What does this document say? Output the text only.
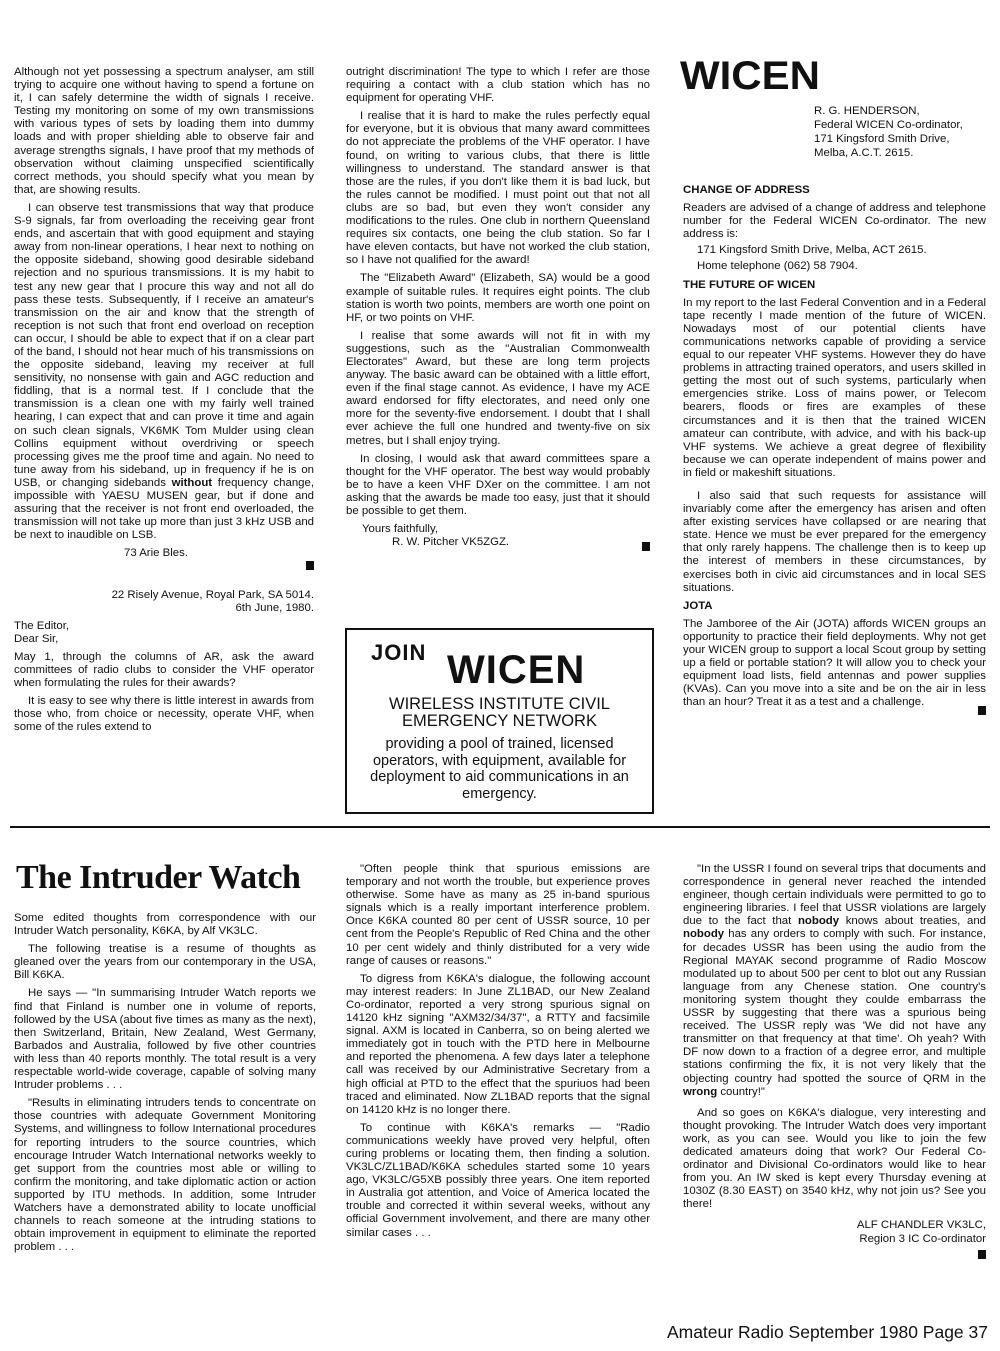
Although not yet possessing a spectrum analyser, am still trying to acquire one without having to spend a fortune on it, I can safely determine the width of signals I receive. Testing my monitoring on some of my own transmissions with various types of sets by loading them into dummy loads and with proper shielding able to observe fair and average strengths signals, I have proof that my methods of observation without claiming unspecified scientifically correct methods, you should specify what you mean by that, are showing results.

I can observe test transmissions that way that produce S-9 signals, far from overloading the receiving gear front ends, and ascertain that with good equipment and staying away from non-linear operations, I hear next to nothing on the opposite sideband, showing good desirable sideband rejection and no spurious transmissions. It is my habit to test any new gear that I procure this way and not all do pass these tests. Subsequently, if I receive an amateur's transmission on the air and know that the strength of reception is not such that front end overload on reception can occur, I should be able to expect that if on a clear part of the band, I should not hear much of his transmissions on the opposite sideband, leaving my receiver at full sensitivity, no nonsense with gain and AGC reduction and fiddling, that is a normal test. If I conclude that the transmission is a clean one with my fairly well trained hearing, I can expect that and can prove it time and again on such clean signals, VK6MK Tom Mulder using clean Collins equipment without overdriving or speech processing gives me the proof time and again. No need to tune away from his sideband, up in frequency if he is on USB, or changing sidebands without frequency change, impossible with YAESU MUSEN gear, but if done and assuring that the receiver is not front end overloaded, the transmission will not take up more than just 3 kHz USB and be next to inaudible on LSB.

73 Arie Bles.

22 Risely Avenue, Royal Park, SA 5014.

6th June, 1980.

The Editor,

Dear Sir,

May 1, through the columns of AR, ask the award committees of radio clubs to consider the VHF operator when formulating the rules for their awards?

It is easy to see why there is little interest in awards from those who, from choice or necessity, operate VHF, when some of the rules extend to

outright discrimination! The type to which I refer are those requiring a contact with a club station which has no equipment for operating VHF.

I realise that it is hard to make the rules perfectly equal for everyone, but it is obvious that many award committees do not appreciate the problems of the VHF operator. I have found, on writing to various clubs, that there is little willingness to understand. The standard answer is that those are the rules, if you don't like them it is bad luck, but the rules cannot be modified. I must point out that not all clubs are so bad, but even they won't consider any modifications to the rules. One club in northern Queensland requires six contacts, one being the club station. So far I have eleven contacts, but have not worked the club station, so I have not qualified for the award!

The "Elizabeth Award" (Elizabeth, SA) would be a good example of suitable rules. It requires eight points. The club station is worth two points, members are worth one point on HF, or two points on VHF.

I realise that some awards will not fit in with my suggestions, such as the "Australian Commonwealth Electorates" Award, but these are long term projects anyway. The basic award can be obtained with a little effort, even if the final stage cannot. As evidence, I have my ACE award endorsed for fifty electorates, and need only one more for the seventy-five endorsement. I doubt that I shall ever achieve the full one hundred and twenty-five on six metres, but I shall enjoy trying.

In closing, I would ask that award committees spare a thought for the VHF operator. The best way would probably be to have a keen VHF DXer on the committee. I am not asking that the awards be made too easy, just that it should be possible to get them.

Yours faithfully,

R. W. Pitcher VK5ZGZ.

JOIN WICEN
WIRELESS INSTITUTE CIVIL
EMERGENCY NETWORK
providing a pool of trained, licensed operators, with equipment, available for deployment to aid communications in an emergency.
WICEN
R. G. HENDERSON,
Federal WICEN Co-ordinator,
171 Kingsford Smith Drive,
Melba, A.C.T. 2615.

CHANGE OF ADDRESS

Readers are advised of a change of address and telephone number for the Federal WICEN Co-ordinator. The new address is:

171 Kingsford Smith Drive, Melba, ACT 2615.

Home telephone (062) 58 7904.

THE FUTURE OF WICEN

In my report to the last Federal Convention and in a Federal tape recently I made mention of the future of WICEN. Nowadays most of our potential clients have communications networks capable of providing a service equal to our repeater VHF systems. However they do have problems in attracting trained operators, and users skilled in getting the most out of such systems, particularly when emergencies strike. Loss of mains power, or Telecom bearers, floods or fires are examples of these circumstances and it is then that the trained WICEN amateur can contribute, with advice, and with his back-up VHF systems. We achieve a great degree of flexibility because we can operate independent of mains power and in field or makeshift situations.

I also said that such requests for assistance will invariably come after the emergency has arisen and often after existing services have collapsed or are nearing that state. Hence we must be ever prepared for the emergency that only rarely happens. The challenge then is to keep up the interest of members in these circumstances, by exercises both in civic aid circumstances and in local SES situations.

JOTA

The Jamboree of the Air (JOTA) affords WICEN groups an opportunity to practice their field deployments. Why not get your WICEN group to support a local Scout group by setting up a field or portable station? It will allow you to check your equipment load lists, field antennas and power supplies (KVAs). Can you move into a site and be on the air in less than an hour? Treat it as a test and a challenge.

The Intruder Watch

Some edited thoughts from correspondence with our Intruder Watch personality, K6KA, by Alf VK3LC.

The following treatise is a resume of thoughts as gleaned over the years from our contemporary in the USA, Bill K6KA.

He says — "In summarising Intruder Watch reports we find that Finland is number one in volume of reports, followed by the USA (about five times as many as the next), then Switzerland, Britain, New Zealand, West Germany, Barbados and Australia, followed by five other countries with less than 40 reports monthly. The total result is a very respectable world-wide coverage, capable of solving many Intruder problems . . .

"Results in eliminating intruders tends to concentrate on those countries with adequate Government Monitoring Systems, and willingness to follow International procedures for reporting intruders to the source countries, which encourage Intruder Watch International networks weekly to get support from the countries most able or willing to confirm the monitoring, and take diplomatic action or action supported by ITU methods. In addition, some Intruder Watchers have a demonstrated ability to locate unofficial channels to reach someone at the intruding stations to obtain improvement in equipment to eliminate the reported problem . . .

"Often people think that spurious emissions are temporary and not worth the trouble, but experience proves otherwise. Some have as many as 25 in-band spurious signals which is a really important interference problem. Once K6KA counted 80 per cent of USSR source, 10 per cent from the People's Republic of Red China and the other 10 per cent widely and thinly distributed for a very wide range of causes or reasons."

To digress from K6KA's dialogue, the following account may interest readers: In June ZL1BAD, our New Zealand Co-ordinator, reported a very strong spurious signal on 14120 kHz signing "AXM32/34/37", a RTTY and facsimile signal. AXM is located in Canberra, so on being alerted we immediately got in touch with the PTD here in Melbourne and reported the phenomena. A few days later a telephone call was received by our Administrative Secretary from a high official at PTD to the effect that the spuriuos had been traced and eliminated. Now ZL1BAD reports that the signal on 14120 kHz is no longer there.

To continue with K6KA's remarks — "Radio communications weekly have proved very helpful, often curing problems or locating them, then finding a solution. VK3LC/ZL1BAD/K6KA schedules started some 10 years ago, VK3LC/G5XB possibly three years. One item reported in Australia got attention, and Voice of America located the trouble and corrected it within several weeks, without any official Government involvement, and there are many other similar cases . . .

"In the USSR I found on several trips that documents and correspondence in general never reached the intended engineer, though certain individuals were permitted to go to engineering libraries. I feel that USSR violations are largely due to the fact that nobody knows about treaties, and nobody has any orders to comply with such. For instance, for decades USSR has been using the audio from the Regional MAYAK second programme of Radio Moscow modulated up to about 500 per cent to blot out any Russian language from any Chenese station. One country's monitoring system thought they coulde embarrass the USSR by suggesting that there was a spurious being received. The USSR reply was 'We did not have any transmitter on that frequency at that time'. Oh yeah? With DF now down to a fraction of a degree error, and multiple stations confirming the fix, it is not very likely that the objecting country had spotted the source of QRM in the wrong country!"

And so goes on K6KA's dialogue, very interesting and thought provoking. The Intruder Watch does very important work, as you can see. Would you like to join the few dedicated amateurs doing that work? Our Federal Co-ordinator and Divisional Co-ordinators would like to hear from you. An IW sked is kept every Thursday evening at 1030Z (8.30 EAST) on 3540 kHz, why not join us? See you there!

ALF CHANDLER VK3LC,

Region 3 IC Co-ordinator

Amateur Radio September 1980 Page 37
